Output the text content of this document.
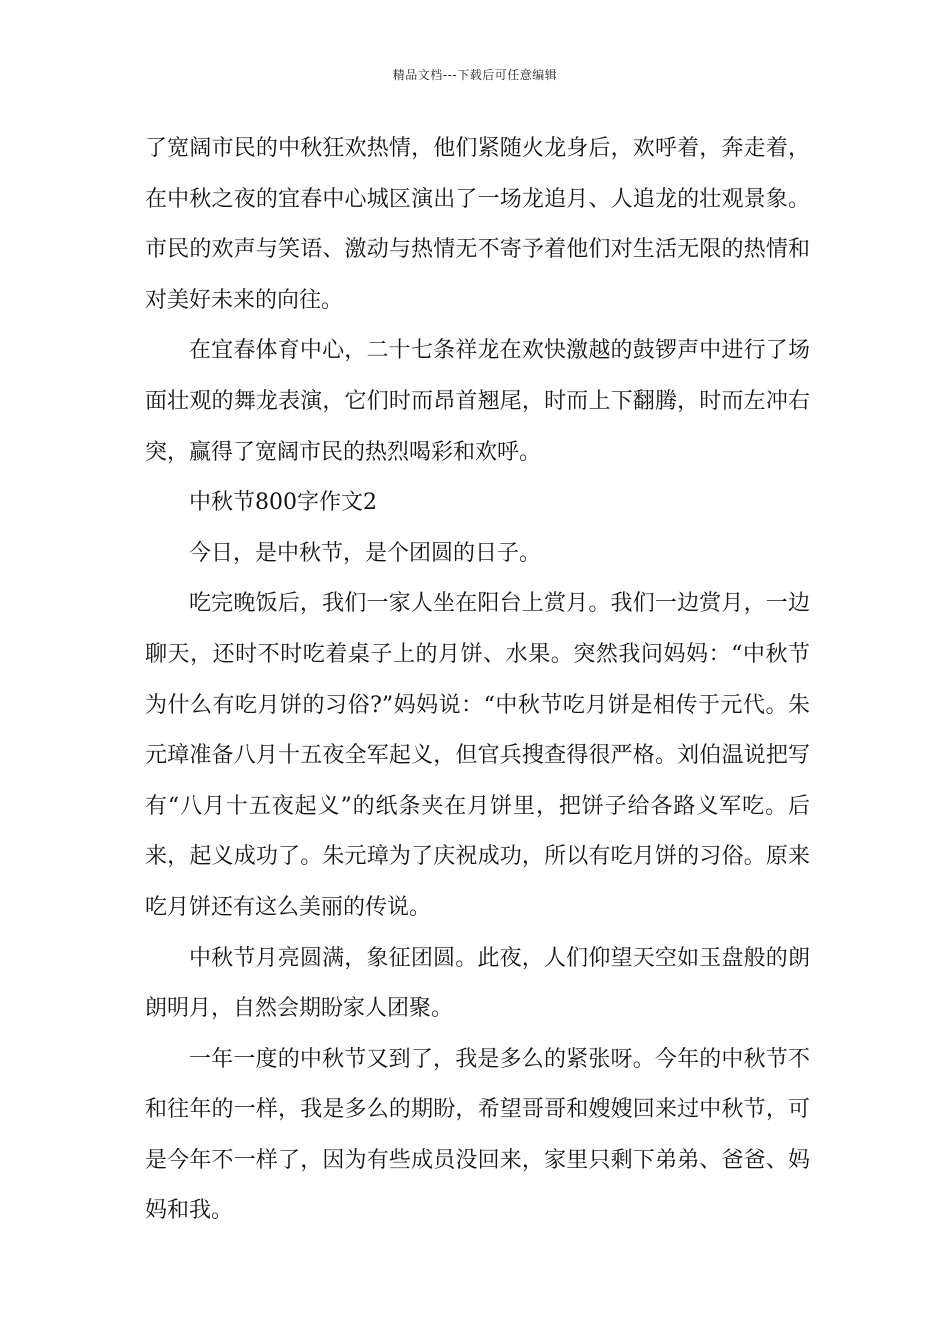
精品文档---下载后可任意编辑

了宽阔市民的中秋狂欢热情，他们紧随火龙身后，欢呼着，奔走着，在中秋之夜的宜春中心城区演出了一场龙追月、人追龙的壮观景象。市民的欢声与笑语、激动与热情无不寄予着他们对生活无限的热情和对美好未来的向往。

在宜春体育中心，二十七条祥龙在欢快激越的鼓锣声中进行了场面壮观的舞龙表演，它们时而昂首翘尾，时而上下翻腾，时而左冲右突，赢得了宽阔市民的热烈喝彩和欢呼。

中秋节800字作文2

今日，是中秋节，是个团圆的日子。

吃完晚饭后，我们一家人坐在阳台上赏月。我们一边赏月，一边聊天，还时不时吃着桌子上的月饼、水果。突然我问妈妈：“中秋节为什么有吃月饼的习俗?”妈妈说：“中秋节吃月饼是相传于元代。朱元璋准备八月十五夜全军起义，但官兵搜查得很严格。刘伯温说把写有“八月十五夜起义”的纸条夹在月饼里，把饼子给各路义军吃。后来，起义成功了。朱元璋为了庆祝成功，所以有吃月饼的习俗。原来吃月饼还有这么美丽的传说。

中秋节月亮圆满，象征团圆。此夜，人们仰望天空如玉盘般的朗朗明月，自然会期盼家人团聚。

一年一度的中秋节又到了，我是多么的紧张呀。今年的中秋节不和往年的一样，我是多么的期盼，希望哥哥和嫂嫂回来过中秋节，可是今年不一样了，因为有些成员没回来，家里只剩下弟弟、爸爸、妈妈和我。
